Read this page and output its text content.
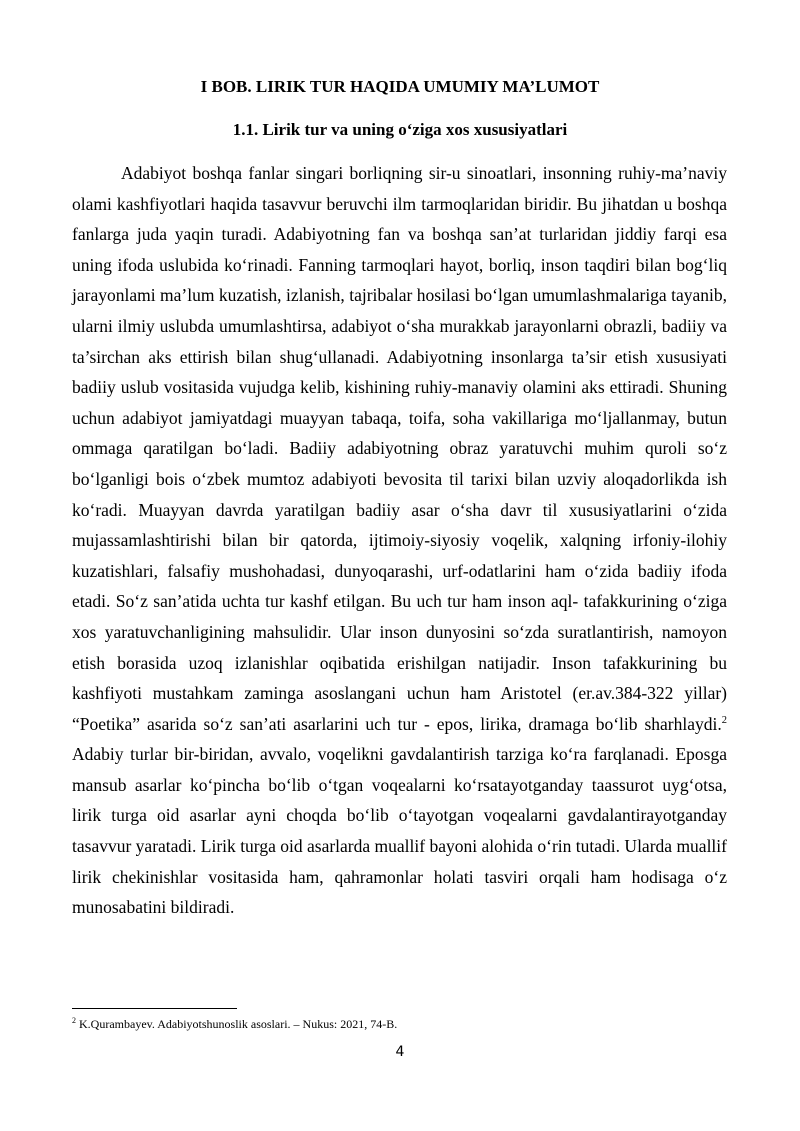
I BOB. LIRIK TUR HAQIDA UMUMIY MA’LUMOT
1.1. Lirik tur va uning o‘ziga xos xususiyatlari

Adabiyot boshqa fanlar singari borliqning sir-u sinoatlari, insonning ruhiy-ma’naviy olami kashfiyotlari haqida tasavvur beruvchi ilm tarmoqlaridan biridir. Bu jihatdan u boshqa fanlarga juda yaqin turadi. Adabiyotning fan va boshqa san’at turlaridan jiddiy farqi esa uning ifoda uslubida ko‘rinadi. Fanning tarmoqlari hayot, borliq, inson taqdiri bilan bog‘liq jarayonlami ma’lum kuzatish, izlanish, tajribalar hosilasi bo‘lgan umumlashmalariga tayanib, ularni ilmiy uslubda umumlashtirsa, adabiyot o‘sha murakkab jarayonlarni obrazli, badiiy va ta’sirchan aks ettirish bilan shug‘ullanadi. Adabiyotning insonlarga ta’sir etish xususiyati badiiy uslub vositasida vujudga kelib, kishining ruhiy-manaviy olamini aks ettiradi. Shuning uchun adabiyot jamiyatdagi muayyan tabaqa, toifa, soha vakillariga mo‘ljallanmay, butun ommaga qaratilgan bo‘ladi. Badiiy adabiyotning obraz yaratuvchi muhim quroli so‘z bo‘lganligi bois o‘zbek mumtoz adabiyoti bevosita til tarixi bilan uzviy aloqadorlikda ish ko‘radi. Muayyan davrda yaratilgan badiiy asar o‘sha davr til xususiyatlarini o‘zida mujassamlashtirishi bilan bir qatorda, ijtimoiy-siyosiy voqelik, xalqning irfoniy-ilohiy kuzatishlari, falsafiy mushohadasi, dunyoqarashi, urf-odatlarini ham o‘zida badiiy ifoda etadi. So‘z san’atida uchta tur kashf etilgan. Bu uch tur ham inson aql- tafakkurining o‘ziga xos yaratuvchanligining mahsulidir. Ular inson dunyosini so‘zda suratlantirish, namoyon etish borasida uzoq izlanishlar oqibatida erishilgan natijadir. Inson tafakkurining bu kashfiyoti mustahkam zaminga asoslangani uchun ham Aristotel (er.av.384-322 yillar) “Poetika” asarida so‘z san’ati asarlarini uch tur - epos, lirika, dramaga bo‘lib sharhlaydi.$^2$ Adabiy turlar bir-biridan, avvalo, voqelikni gavdalantirish tarziga ko‘ra farqlanadi. Eposga mansub asarlar ko‘pincha bo‘lib o‘tgan voqealarni ko‘rsatayotganday taassurot uyg‘otsa, lirik turga oid asarlar ayni choqda bo‘lib o‘tayotgan voqealarni gavdalantirayotganday tasavvur yaratadi. Lirik turga oid asarlarda muallif bayoni alohida o‘rin tutadi. Ularda muallif lirik chekinishlar vositasida ham, qahramonlar holati tasviri orqali ham hodisaga o‘z munosabatini bildiradi.

$^2$ K.Qurambayev. Adabiyotshunoslik asoslari. – Nukus: 2021, 74-B.

4
